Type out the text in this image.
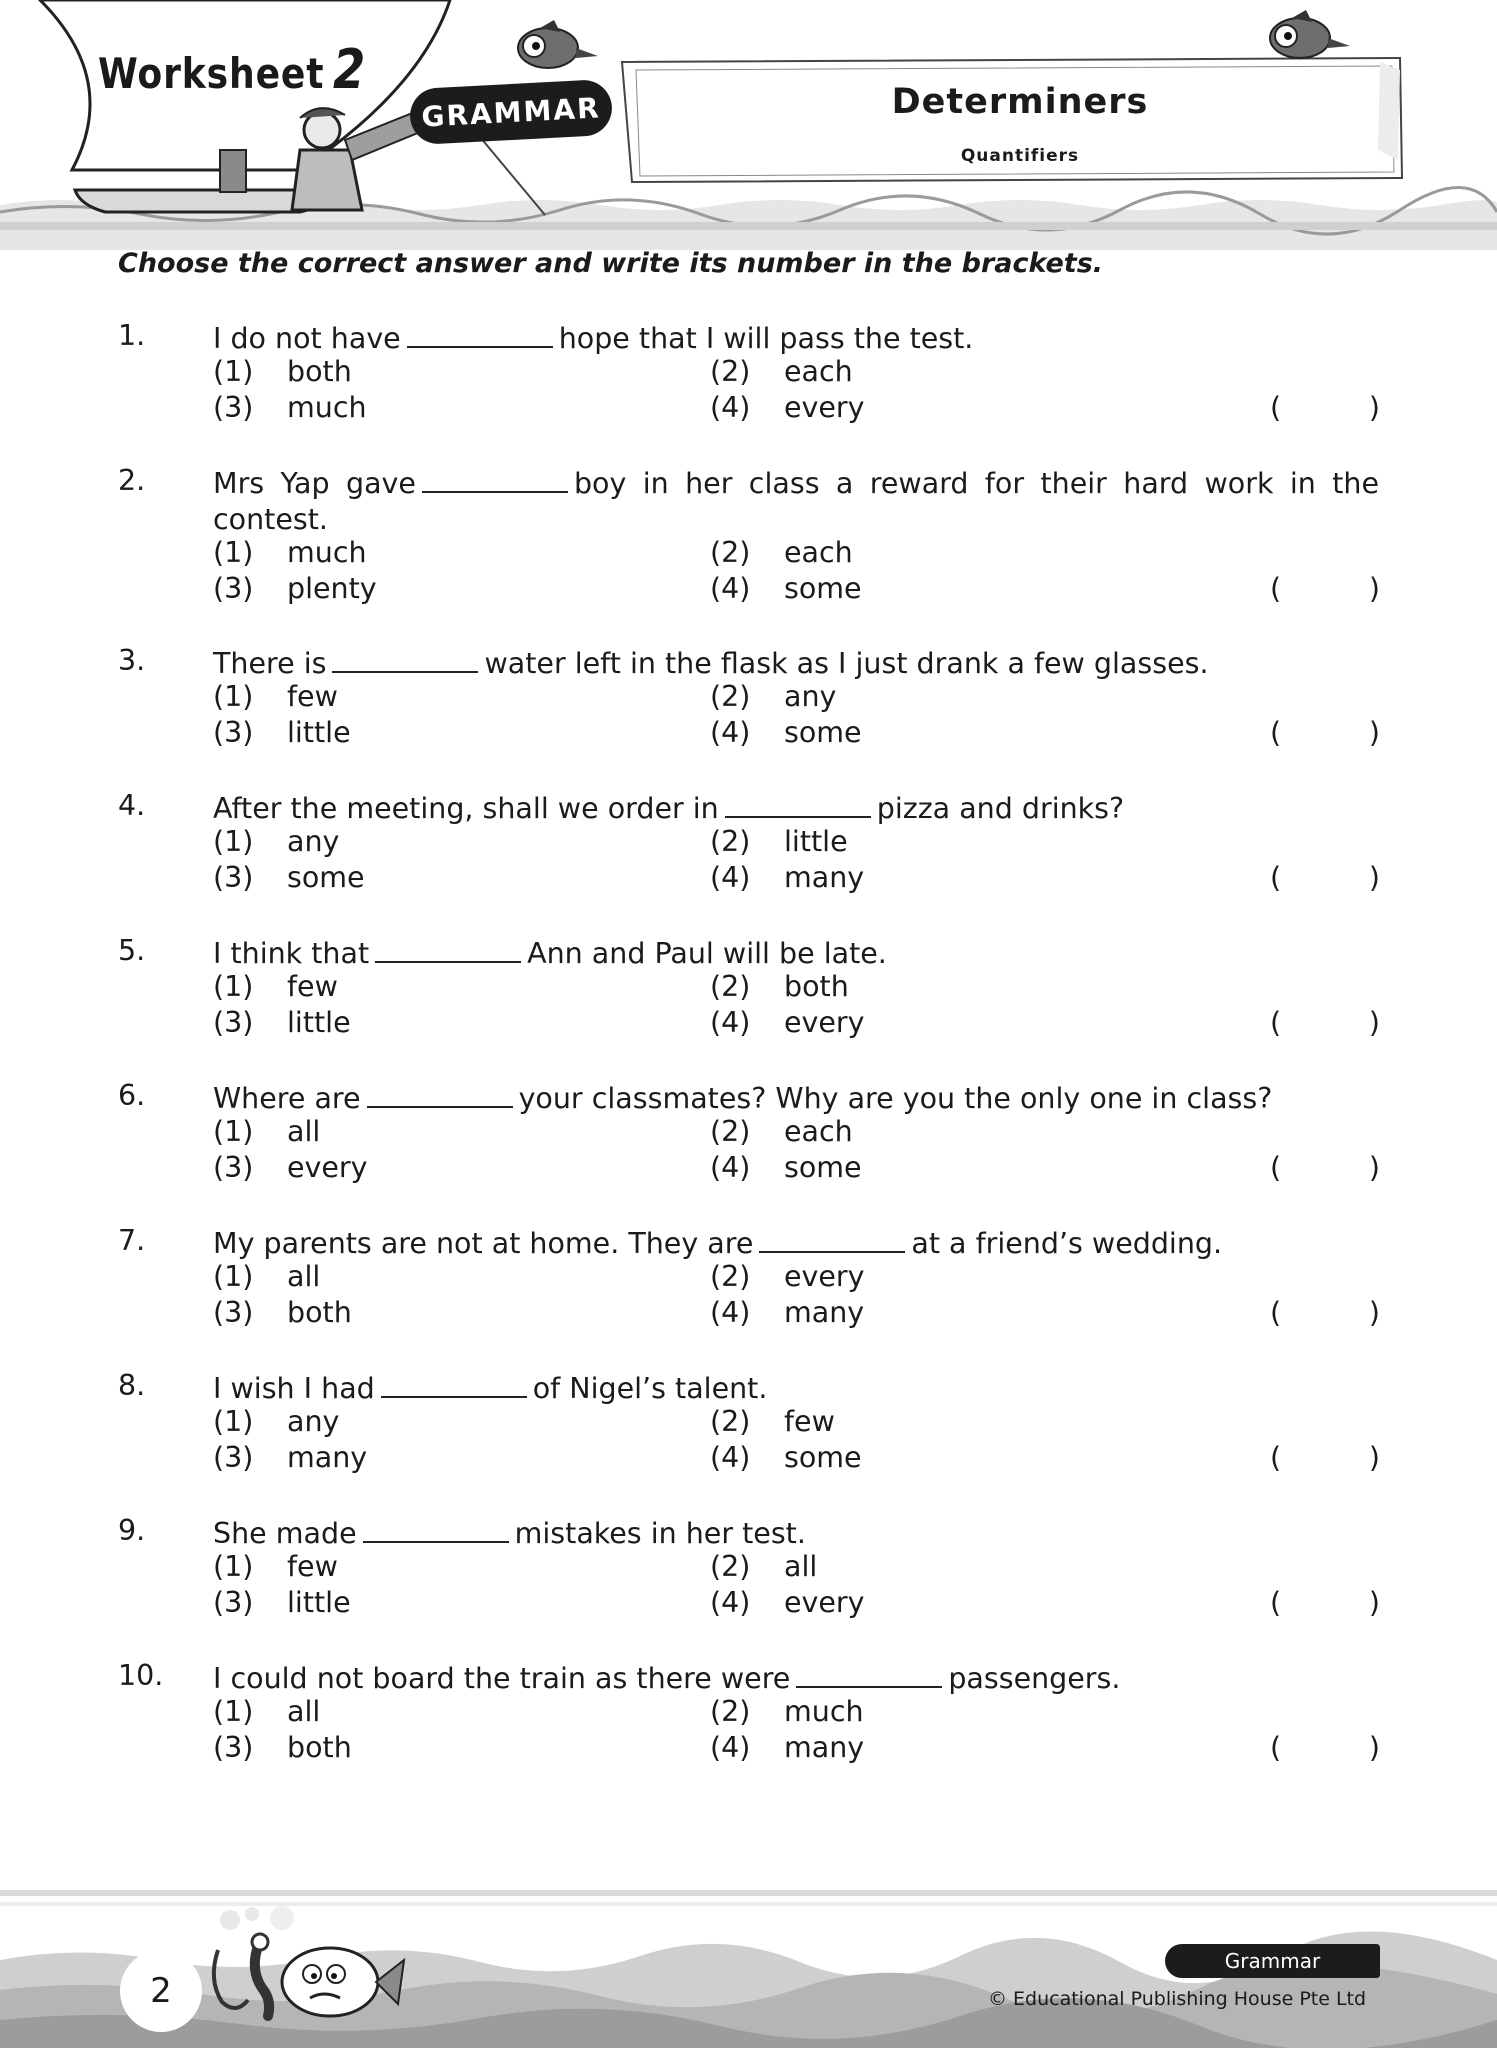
Worksheet 2
GRAMMAR	Determiners
Quantifiers
Choose the correct answer and write its number in the brackets.
1. I do not have	hope that I will pass the test.
(1) both	(2) each
(3) much	(4) every	(	)
2. Mrs Yap gave	boy in her class a reward for their hard work in the contest.
(1) much	(2) each
(3) plenty	(4) some	(	)
3. There is	water left in the flask as I just drank a few glasses.
(1) few	(2) any
(3) little	(4) some	(	)
4. After the meeting, shall we order in	pizza and drinks?
(1) any	(2) little
(3) some	(4) many	(	)
5. I think that	Ann and Paul will be late.
(1) few	(2) both
(3) little	(4) every	(	)
6. Where are	your classmates? Why are you the only one in class?
(1) all	(2) each
(3) every	(4) some	(	)
7. My parents are not at home. They are	at a friend’s wedding.
(1) all	(2) every
(3) both	(4) many	(	)
8. I wish I had	of Nigel’s talent.
(1) any	(2) few
(3) many	(4) some	(	)
9. She made	mistakes in her test.
(1) few	(2) all
(3) little	(4) every	(	)
10. I could not board the train as there were	passengers.
(1) all	(2) much
(3) both	(4) many	(	)
2
Grammar
© Educational Publishing House Pte Ltd
